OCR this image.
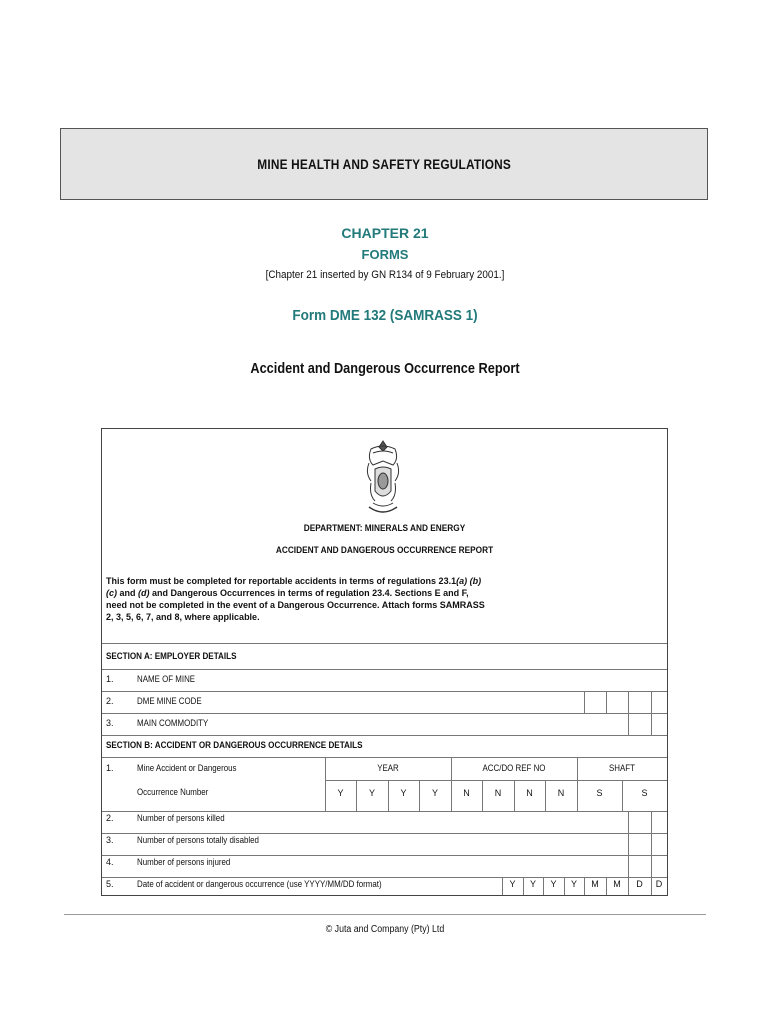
MINE HEALTH AND SAFETY REGULATIONS
CHAPTER 21
FORMS
[Chapter 21 inserted by GN R134 of 9 February 2001.]
Form DME 132 (SAMRASS 1)
Accident and Dangerous Occurrence Report
DEPARTMENT: MINERALS AND ENERGY
ACCIDENT AND DANGEROUS OCCURRENCE REPORT
This form must be completed for reportable accidents in terms of regulations 23.1(a) (b) (c) and (d) and Dangerous Occurrences in terms of regulation 23.4. Sections E and F, need not be completed in the event of a Dangerous Occurrence. Attach forms SAMRASS 2, 3, 5, 6, 7, and 8, where applicable.
SECTION A: EMPLOYER DETAILS
1.	NAME OF MINE
2.	DME MINE CODE
3.	MAIN COMMODITY
SECTION B: ACCIDENT OR DANGEROUS OCCURRENCE DETAILS
1.	Mine Accident or Dangerous
Occurrence Number
YEAR	ACC/DO REF NO	SHAFT
Y	Y	Y	Y	N	N	N	N	S	S
2.	Number of persons killed
3.	Number of persons totally disabled
4.	Number of persons injured
5.	Date of accident or dangerous occurrence (use YYYY/MM/DD format)	Y	Y	Y	Y	M	M	D	D
© Juta and Company (Pty) Ltd
